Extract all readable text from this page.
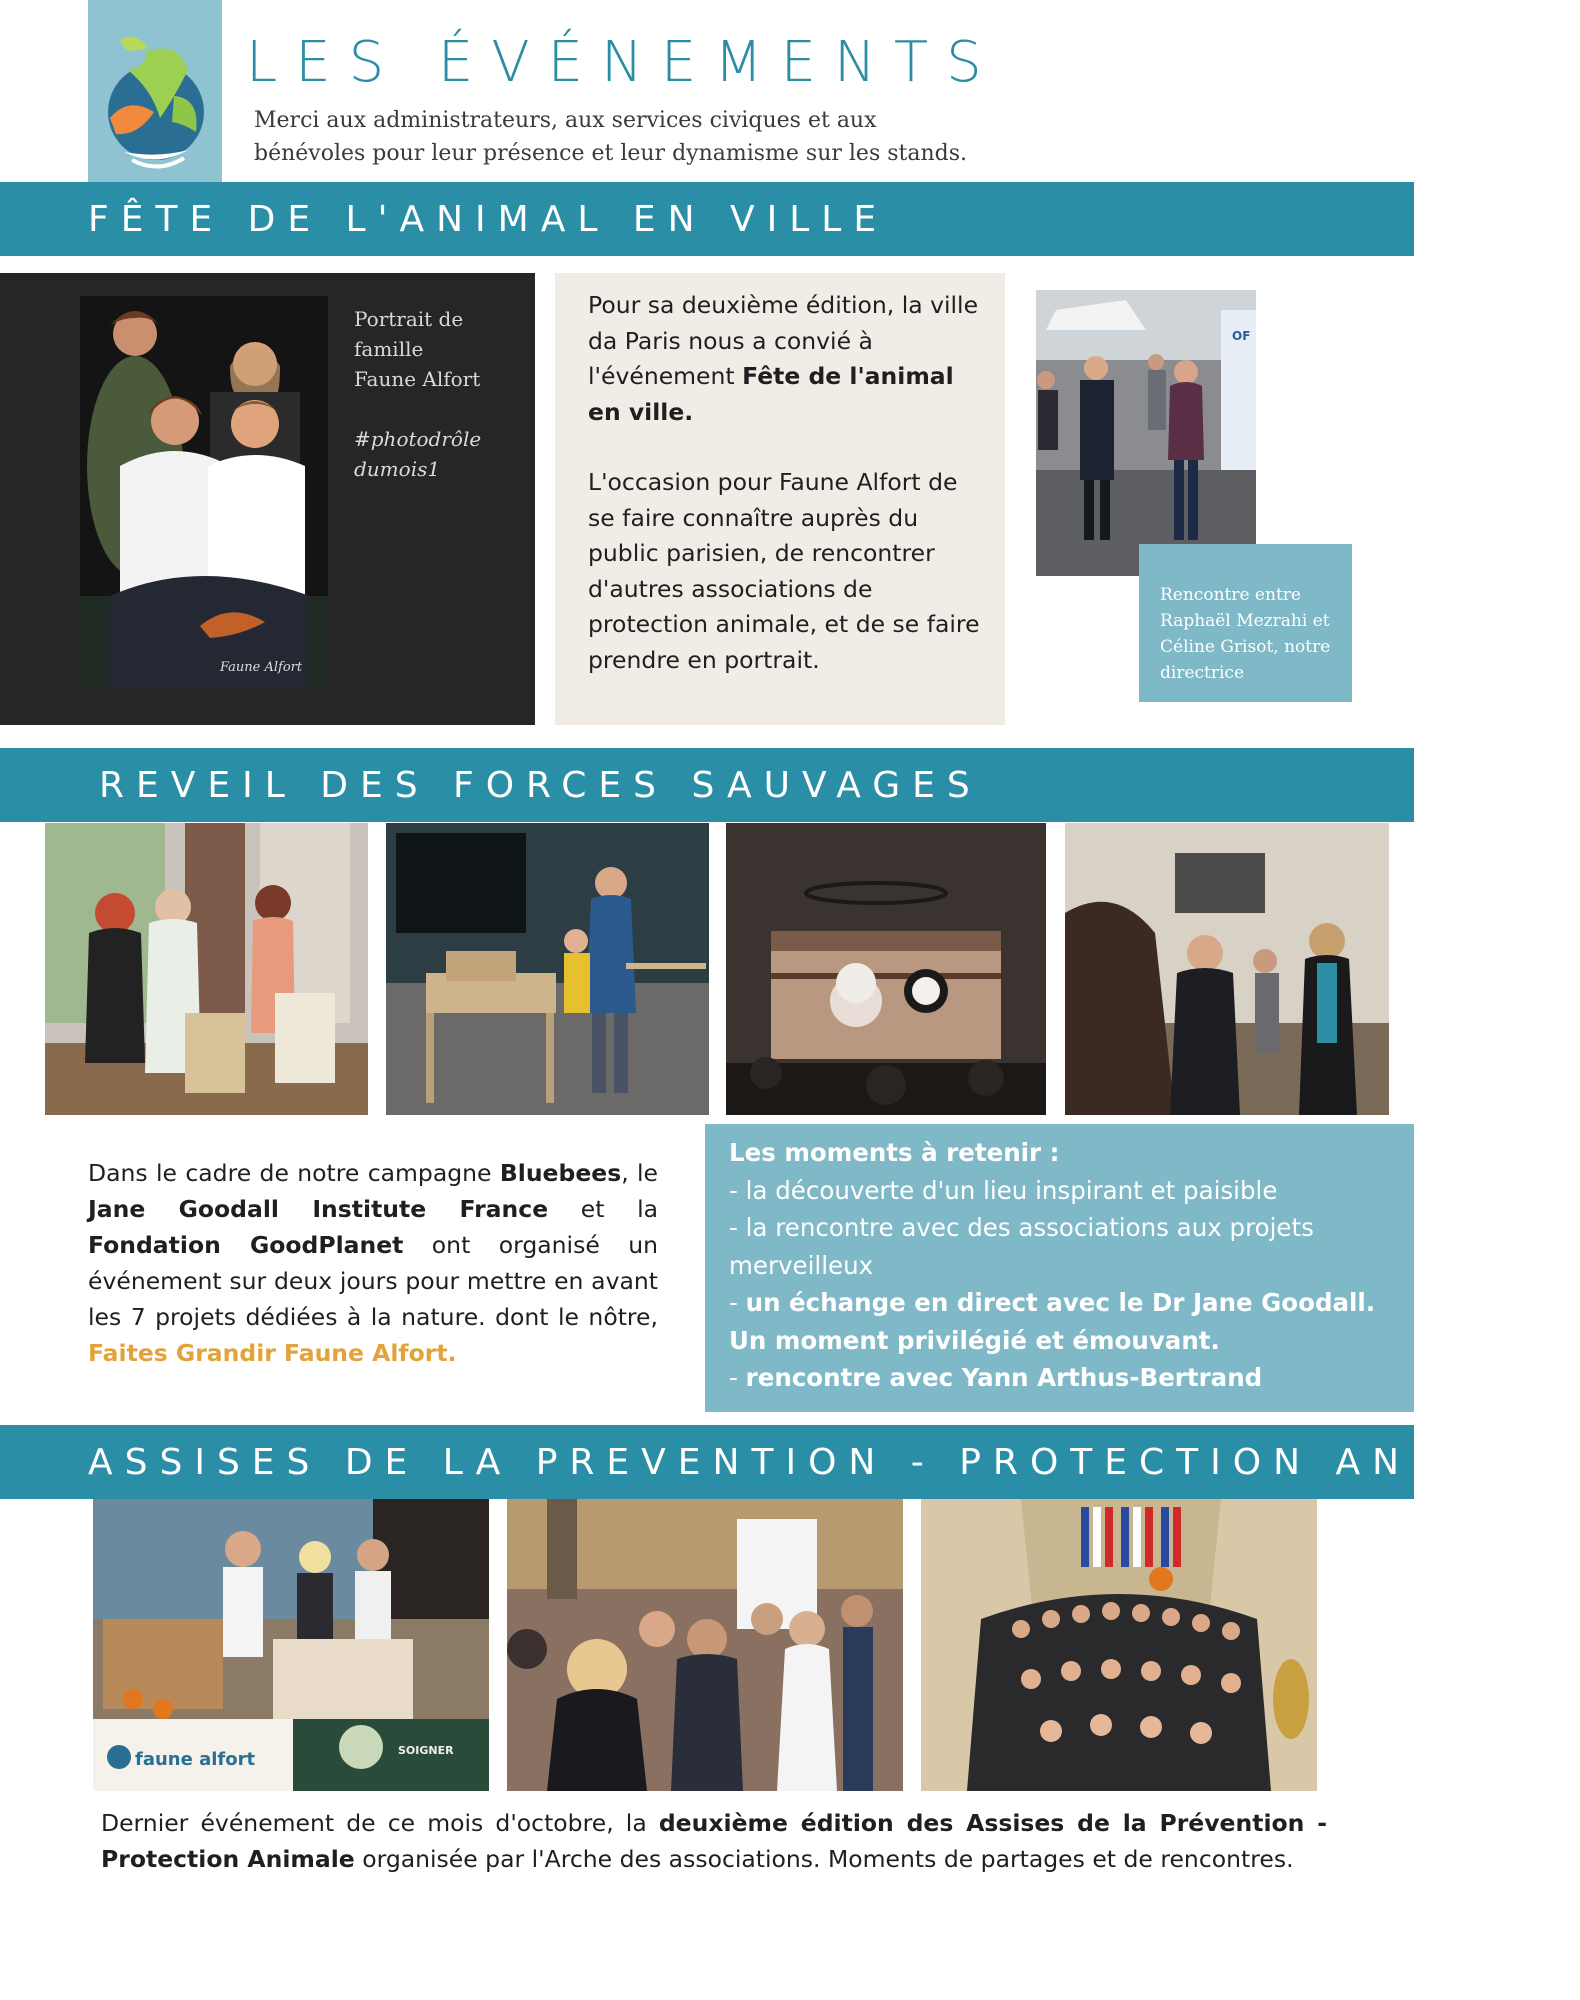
LES ÉVÉNEMENTS
Merci aux administrateurs, aux services civiques et aux
bénévoles pour leur présence et leur dynamisme sur les stands.
FÊTE DE L'ANIMAL EN VILLE
Faune Alfort

Portrait de
famille
Faune Alfort

#photodrôle
dumois1

Pour sa deuxième édition, la ville da Paris nous a convié à l'événement Fête de l'animal en ville.

L'occasion pour Faune Alfort de se faire connaître auprès du public parisien, de rencontrer d'autres associations de protection animale, et de se faire prendre en portrait.

OF
Rencontre entre Raphaël Mezrahi et Céline Grisot, notre directrice
REVEIL DES FORCES SAUVAGES
Dans le cadre de notre campagne Bluebees, le Jane Goodall Institute France et la Fondation GoodPlanet ont organisé un événement sur deux jours pour mettre en avant les 7 projets dédiées à la nature. dont le nôtre, Faites Grandir Faune Alfort.
Les moments à retenir :
- la découverte d'un lieu inspirant et paisible
- la rencontre avec des associations aux projets merveilleux
- un échange en direct avec le Dr Jane Goodall. Un moment privilégié et émouvant.
- rencontre avec Yann Arthus-Bertrand
ASSISES DE LA PREVENTION - PROTECTION ANIMALE
SOIGNER
faune alfort
Dernier événement de ce mois d'octobre, la deuxième édition des Assises de la Prévention - Protection Animale organisée par l'Arche des associations. Moments de partages et de rencontres.
